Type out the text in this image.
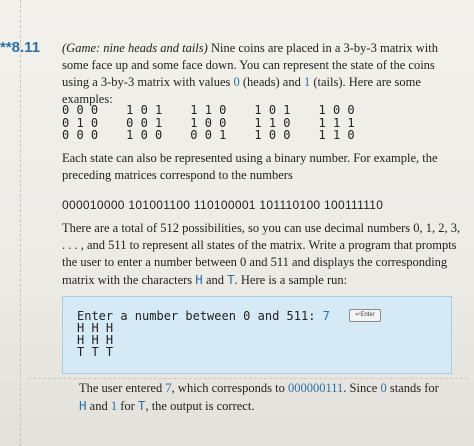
**8.11 (Game: nine heads and tails) Nine coins are placed in a 3-by-3 matrix with some face up and some face down. You can represent the state of the coins using a 3-by-3 matrix with values 0 (heads) and 1 (tails). Here are some examples:
0 0 0
0 1 0
0 0 0
1 0 1
0 0 1
1 0 0
1 1 0
1 0 0
0 0 1
1 0 1
1 1 0
1 0 0
1 0 0
1 1 1
1 1 0
Each state can also be represented using a binary number. For example, the preceding matrices correspond to the numbers
000010000 101001100 110100001 101110100 100111110
There are a total of 512 possibilities, so you can use decimal numbers 0, 1, 2, 3, . . . , and 511 to represent all states of the matrix. Write a program that prompts the user to enter a number between 0 and 511 and displays the corresponding matrix with the characters H and T. Here is a sample run:
Enter a number between 0 and 511: 7	↵Enter
H H H
H H H
T T T
The user entered 7, which corresponds to 000000111. Since 0 stands for H and 1 for T, the output is correct.
